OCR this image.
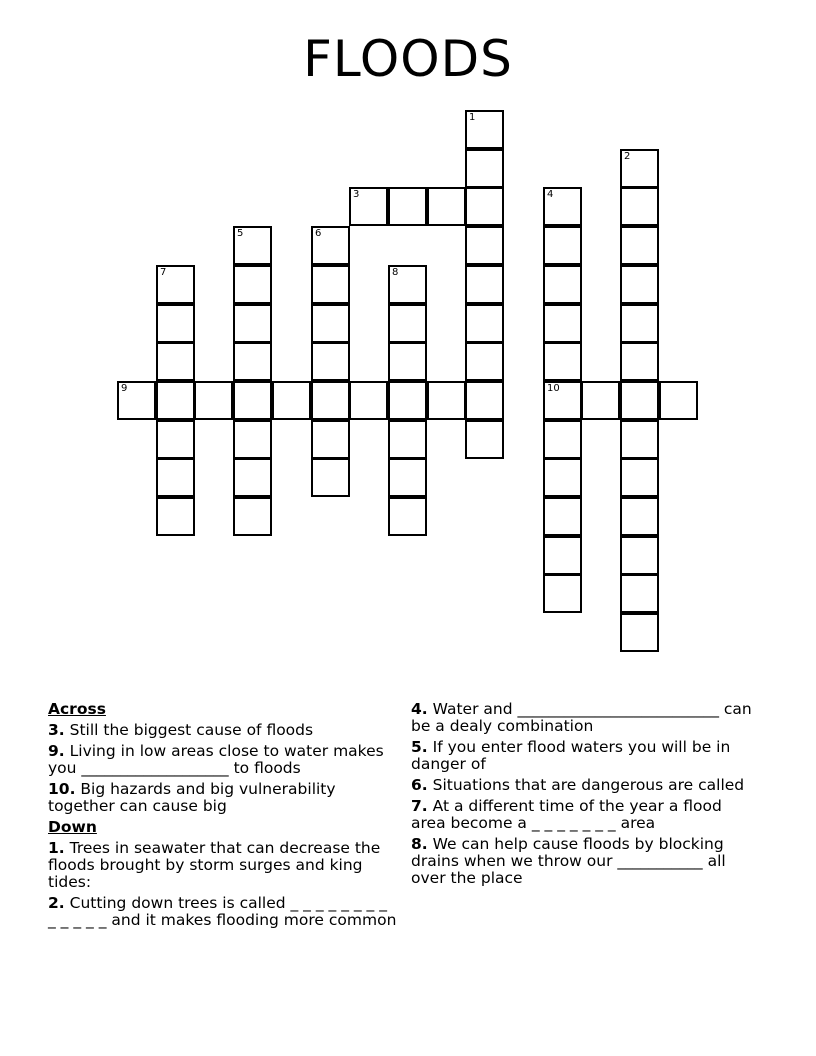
FLOODS
1
2
3	4
5	6
7	8
9	10
Across
3. Still the biggest cause of floods
9. Living in low areas close to water makes you ___________________ to floods
10. Big hazards and big vulnerability together can cause big
Down
1. Trees in seawater that can decrease the floods brought by storm surges and king tides:
2. Cutting down trees is called _ _ _ _ _ _ _ _ _ _ _ _ _ and it makes flooding more common
4. Water and __________________________ can be a dealy combination
5. If you enter flood waters you will be in danger of
6. Situations that are dangerous are called
7. At a different time of the year a flood area become a _ _ _ _ _ _ _ area
8. We can help cause floods by blocking drains when we throw our ___________ all over the place
